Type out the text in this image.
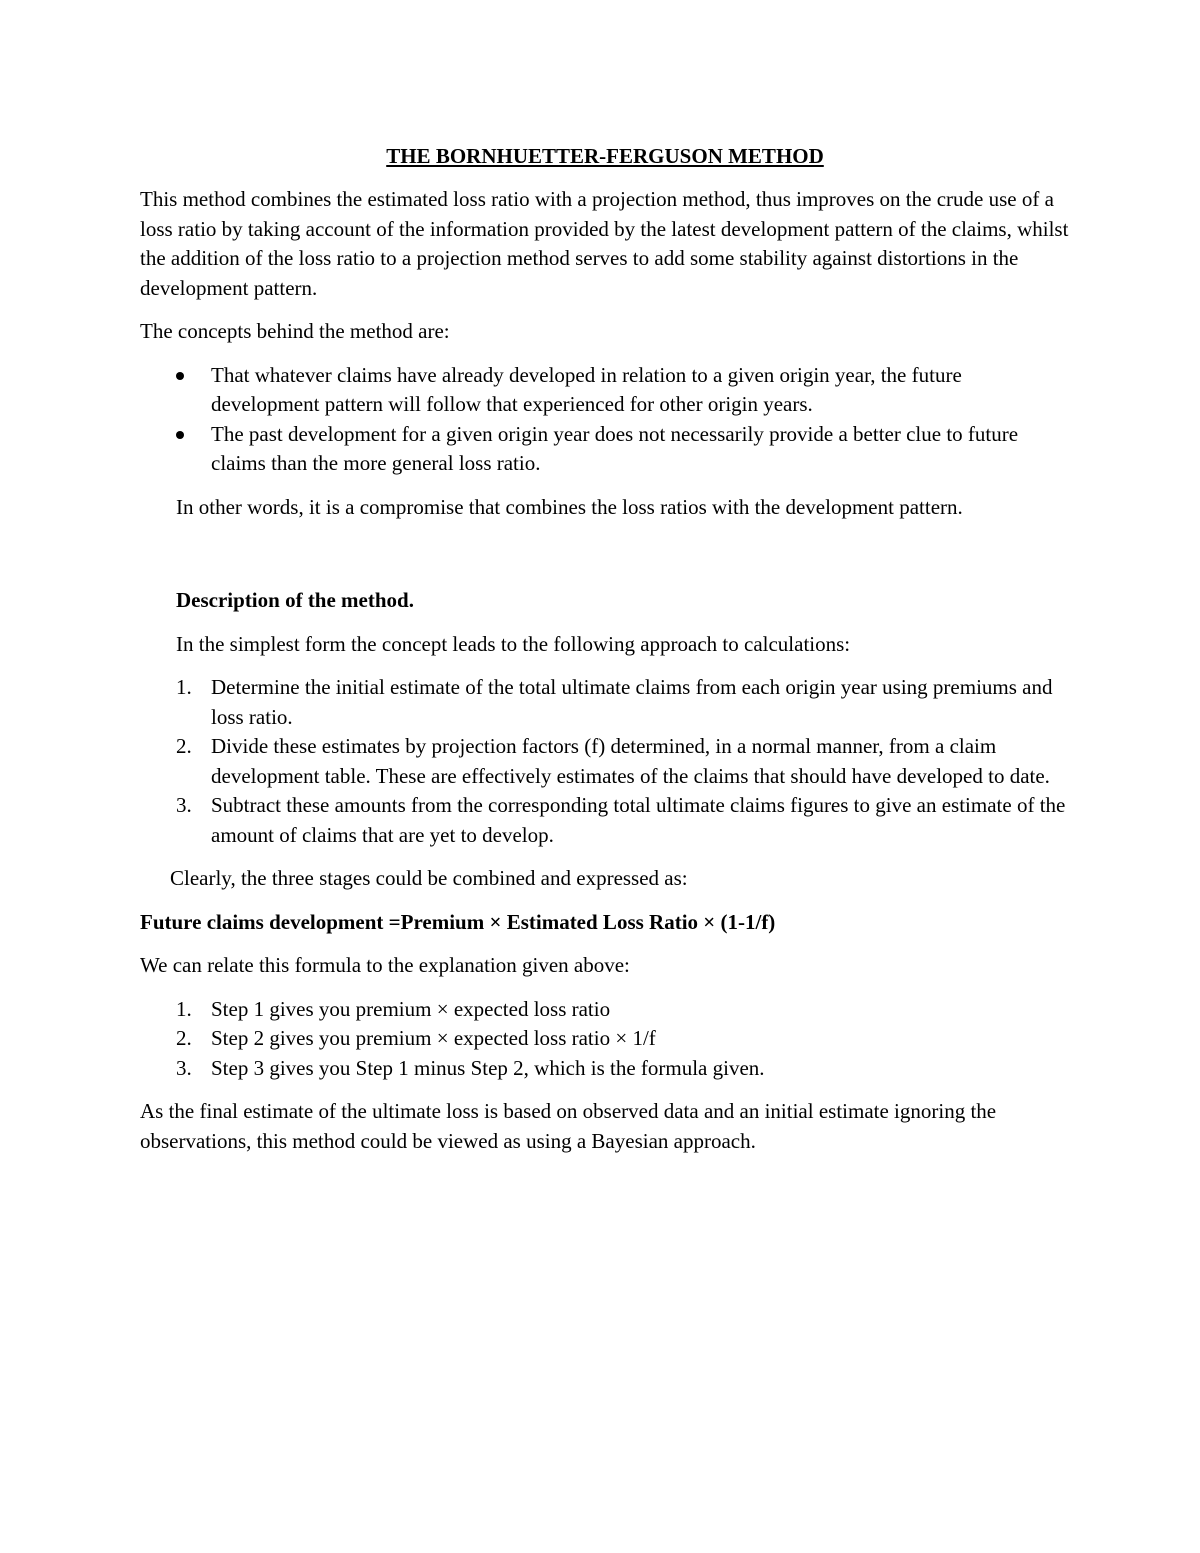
THE BORNHUETTER-FERGUSON METHOD

This method combines the estimated loss ratio with a projection method, thus improves on the crude use of a loss ratio by taking account of the information provided by the latest development pattern of the claims, whilst the addition of the loss ratio to a projection method serves to add some stability against distortions in the development pattern.

The concepts behind the method are:

That whatever claims have already developed in relation to a given origin year, the future development pattern will follow that experienced for other origin years.
The past development for a given origin year does not necessarily provide a better clue to future claims than the more general loss ratio.

In other words, it is a compromise that combines the loss ratios with the development pattern.

Description of the method.

In the simplest form the concept leads to the following approach to calculations:

1. Determine the initial estimate of the total ultimate claims from each origin year using premiums and loss ratio.
2. Divide these estimates by projection factors (f) determined, in a normal manner, from a claim development table. These are effectively estimates of the claims that should have developed to date.
3. Subtract these amounts from the corresponding total ultimate claims figures to give an estimate of the amount of claims that are yet to develop.

Clearly, the three stages could be combined and expressed as:

Future claims development =Premium × Estimated Loss Ratio × (1-1/f)

We can relate this formula to the explanation given above:

1. Step 1 gives you premium × expected loss ratio
2. Step 2 gives you premium × expected loss ratio × 1/f
3. Step 3 gives you Step 1 minus Step 2, which is the formula given.

As the final estimate of the ultimate loss is based on observed data and an initial estimate ignoring the observations, this method could be viewed as using a Bayesian approach.
